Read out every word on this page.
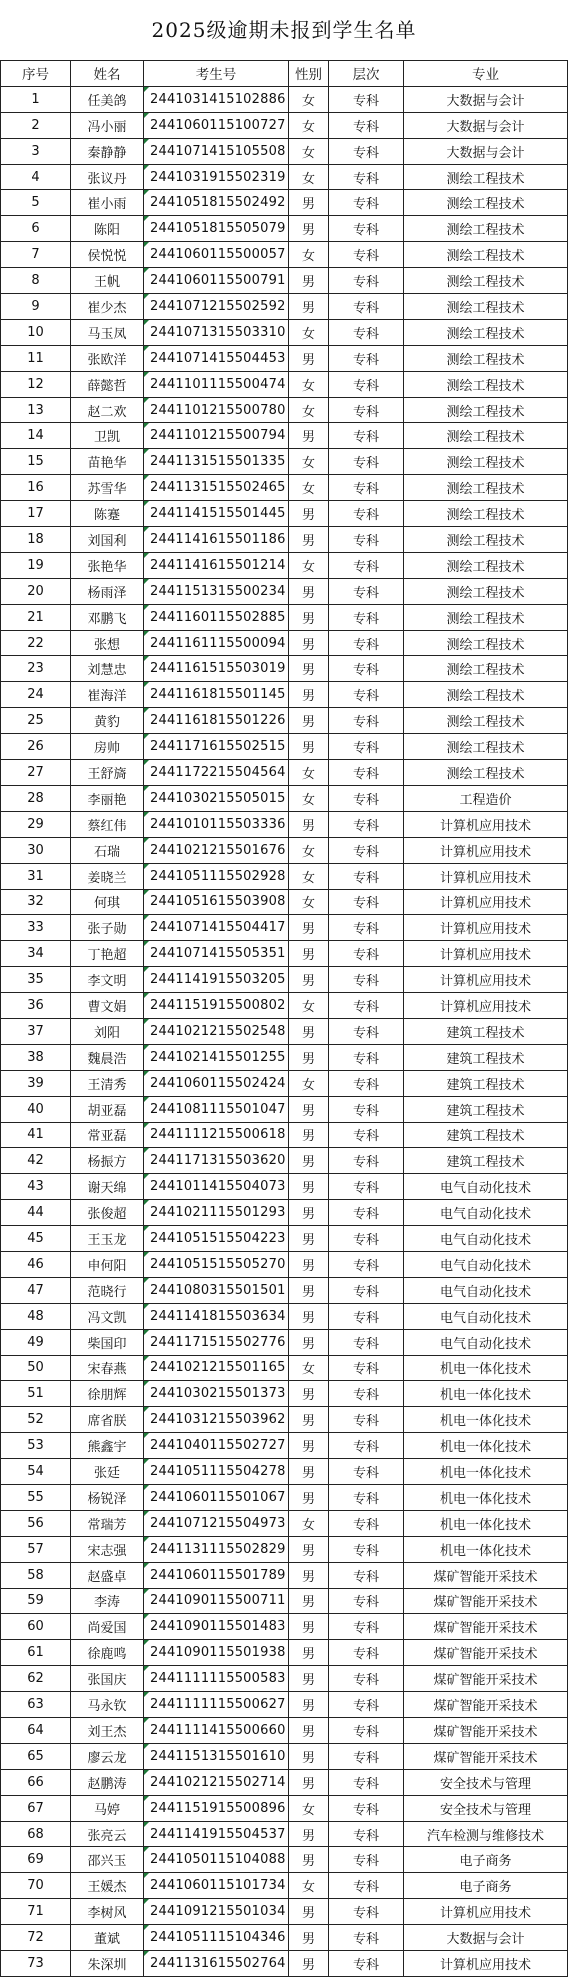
2025级逾期未报到学生名单
序号	姓名	考生号	性别	层次	专业
1	任美鸽	2441031415102886	女	专科	大数据与会计
2	冯小丽	2441060115100727	女	专科	大数据与会计
3	秦静静	2441071415105508	女	专科	大数据与会计
4	张议丹	2441031915502319	女	专科	测绘工程技术
5	崔小雨	2441051815502492	男	专科	测绘工程技术
6	陈阳	2441051815505079	男	专科	测绘工程技术
7	侯悦悦	2441060115500057	女	专科	测绘工程技术
8	王帆	2441060115500791	男	专科	测绘工程技术
9	崔少杰	2441071215502592	男	专科	测绘工程技术
10	马玉凤	2441071315503310	女	专科	测绘工程技术
11	张欧洋	2441071415504453	男	专科	测绘工程技术
12	薛懿哲	2441101115500474	女	专科	测绘工程技术
13	赵二欢	2441101215500780	女	专科	测绘工程技术
14	卫凯	2441101215500794	男	专科	测绘工程技术
15	苗艳华	2441131515501335	女	专科	测绘工程技术
16	苏雪华	2441131515502465	女	专科	测绘工程技术
17	陈蹇	2441141515501445	男	专科	测绘工程技术
18	刘国利	2441141615501186	男	专科	测绘工程技术
19	张艳华	2441141615501214	女	专科	测绘工程技术
20	杨雨泽	2441151315500234	男	专科	测绘工程技术
21	邓鹏飞	2441160115502885	男	专科	测绘工程技术
22	张想	2441161115500094	男	专科	测绘工程技术
23	刘慧忠	2441161515503019	男	专科	测绘工程技术
24	崔海洋	2441161815501145	男	专科	测绘工程技术
25	黄豹	2441161815501226	男	专科	测绘工程技术
26	房帅	2441171615502515	男	专科	测绘工程技术
27	王舒旖	2441172215504564	女	专科	测绘工程技术
28	李丽艳	2441030215505015	女	专科	工程造价
29	蔡红伟	2441010115503336	男	专科	计算机应用技术
30	石瑞	2441021215501676	女	专科	计算机应用技术
31	姜晓兰	2441051115502928	女	专科	计算机应用技术
32	何琪	2441051615503908	女	专科	计算机应用技术
33	张子勋	2441071415504417	男	专科	计算机应用技术
34	丁艳超	2441071415505351	男	专科	计算机应用技术
35	李文明	2441141915503205	男	专科	计算机应用技术
36	曹文娟	2441151915500802	女	专科	计算机应用技术
37	刘阳	2441021215502548	男	专科	建筑工程技术
38	魏晨浩	2441021415501255	男	专科	建筑工程技术
39	王清秀	2441060115502424	女	专科	建筑工程技术
40	胡亚磊	2441081115501047	男	专科	建筑工程技术
41	常亚磊	2441111215500618	男	专科	建筑工程技术
42	杨振方	2441171315503620	男	专科	建筑工程技术
43	谢天绵	2441011415504073	男	专科	电气自动化技术
44	张俊超	2441021115501293	男	专科	电气自动化技术
45	王玉龙	2441051515504223	男	专科	电气自动化技术
46	申何阳	2441051515505270	男	专科	电气自动化技术
47	范晓行	2441080315501501	男	专科	电气自动化技术
48	冯文凯	2441141815503634	男	专科	电气自动化技术
49	柴国印	2441171515502776	男	专科	电气自动化技术
50	宋春燕	2441021215501165	女	专科	机电一体化技术
51	徐朋辉	2441030215501373	男	专科	机电一体化技术
52	席省朕	2441031215503962	男	专科	机电一体化技术
53	熊鑫宇	2441040115502727	男	专科	机电一体化技术
54	张廷	2441051115504278	男	专科	机电一体化技术
55	杨锐泽	2441060115501067	男	专科	机电一体化技术
56	常瑞芳	2441071215504973	女	专科	机电一体化技术
57	宋志强	2441131115502829	男	专科	机电一体化技术
58	赵盛卓	2441060115501789	男	专科	煤矿智能开采技术
59	李涛	2441090115500711	男	专科	煤矿智能开采技术
60	尚爱国	2441090115501483	男	专科	煤矿智能开采技术
61	徐鹿鸣	2441090115501938	男	专科	煤矿智能开采技术
62	张国庆	2441111115500583	男	专科	煤矿智能开采技术
63	马永钦	2441111115500627	男	专科	煤矿智能开采技术
64	刘王杰	2441111415500660	男	专科	煤矿智能开采技术
65	廖云龙	2441151315501610	男	专科	煤矿智能开采技术
66	赵鹏涛	2441021215502714	男	专科	安全技术与管理
67	马婷	2441151915500896	女	专科	安全技术与管理
68	张亮云	2441141915504537	男	专科	汽车检测与维修技术
69	邵兴玉	2441050115104088	男	专科	电子商务
70	王媛杰	2441060115101734	女	专科	电子商务
71	李树风	2441091215501034	男	专科	计算机应用技术
72	董斌	2441051115104346	男	专科	大数据与会计
73	朱深圳	2441131615502764	男	专科	计算机应用技术
